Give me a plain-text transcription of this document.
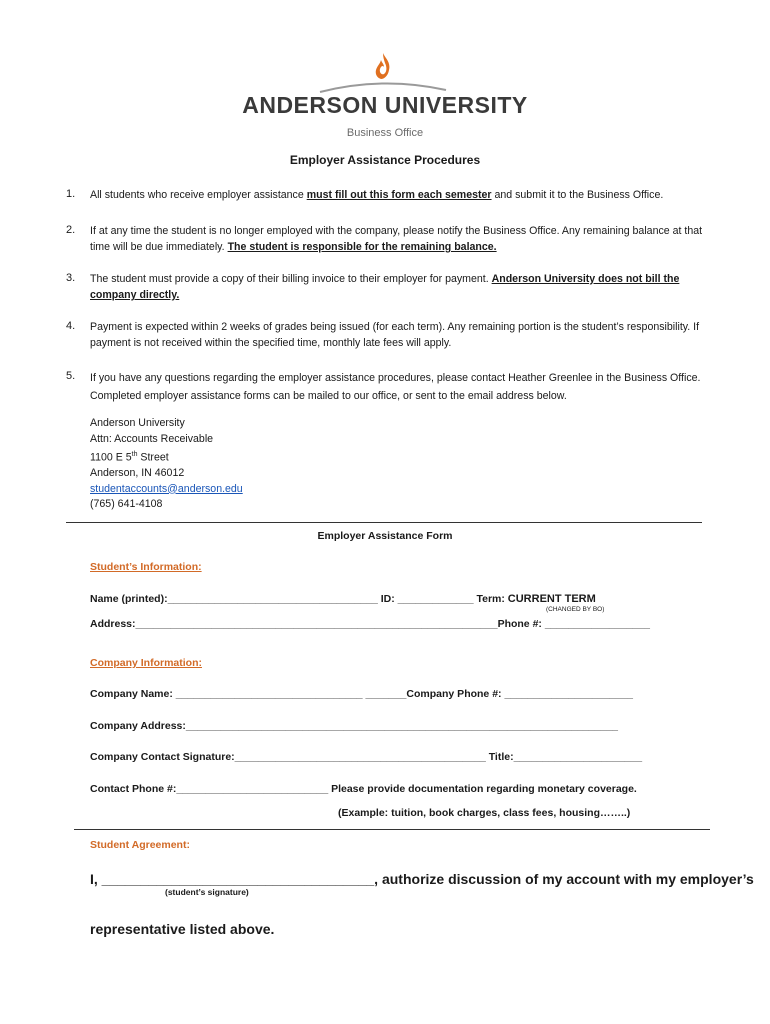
ANDERSON UNIVERSITY
Business Office
Employer Assistance Procedures
1.	All students who receive employer assistance must fill out this form each semester and submit it to the Business Office.
2.	If at any time the student is no longer employed with the company, please notify the Business Office. Any remaining balance at that time will be due immediately. The student is responsible for the remaining balance.
3.	The student must provide a copy of their billing invoice to their employer for payment. Anderson University does not bill the company directly.
4.	Payment is expected within 2 weeks of grades being issued (for each term). Any remaining portion is the student’s responsibility. If payment is not received within the specified time, monthly late fees will apply.
5.	If you have any questions regarding the employer assistance procedures, please contact Heather Greenlee in the Business Office. Completed employer assistance forms can be mailed to our office, or sent to the email address below.
Anderson University
Attn: Accounts Receivable
1100 E 5th Street
Anderson, IN 46012
studentaccounts@anderson.edu
(765) 641-4108
Employer Assistance Form
Student’s Information:
Name (printed):____________________________________ ID: _____________ Term: CURRENT TERM
(CHANGED BY BO)
Address:______________________________________________________________Phone #: __________________
Company Information:
Company Name: ________________________________ _______Company Phone #: ______________________
Company Address:__________________________________________________________________________
Company Contact Signature:___________________________________________ Title:______________________
Contact Phone #:__________________________ Please provide documentation regarding monetary coverage.
(Example: tuition, book charges, class fees, housing……..)
Student Agreement:
I, ___________________________________, authorize discussion of my account with my employer’s
(student’s signature)
representative listed above.
